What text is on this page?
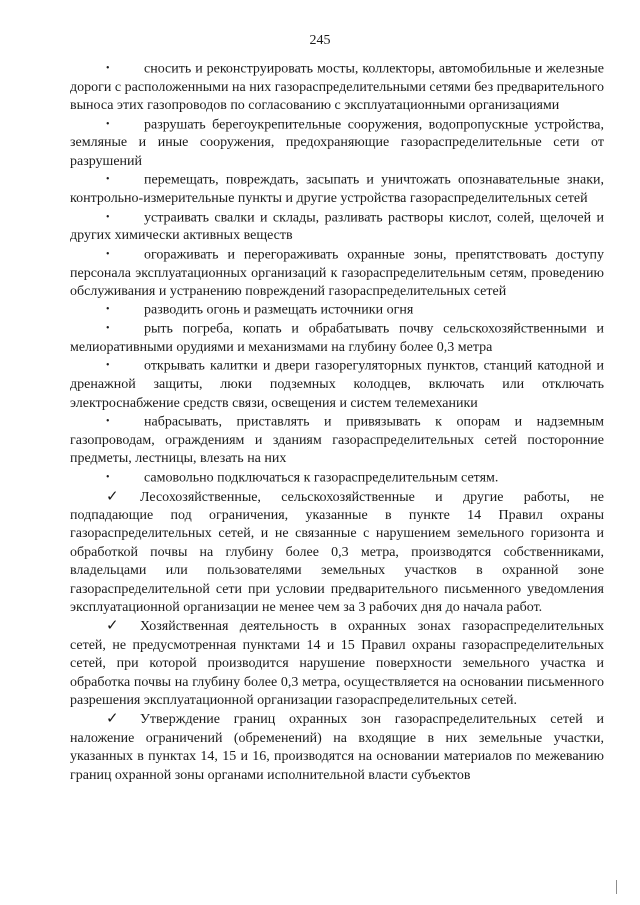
245

• сносить и реконструировать мосты, коллекторы, автомобильные и железные дороги с расположенными на них газораспределительными сетями без предварительного выноса этих газопроводов по согласованию с эксплуатационными организациями

• разрушать берегоукрепительные сооружения, водопропускные устройства, земляные и иные сооружения, предохраняющие газораспределительные сети от разрушений

• перемещать, повреждать, засыпать и уничтожать опознавательные знаки, контрольно-измерительные пункты и другие устройства газораспределительных сетей

• устраивать свалки и склады, разливать растворы кислот, солей, щелочей и других химически активных веществ

• огораживать и перегораживать охранные зоны, препятствовать доступу персонала эксплуатационных организаций к газораспределительным сетям, проведению обслуживания и устранению повреждений газораспределительных сетей

• разводить огонь и размещать источники огня

• рыть погреба, копать и обрабатывать почву сельскохозяйственными и мелиоративными орудиями и механизмами на глубину более 0,3 метра

• открывать калитки и двери газорегуляторных пунктов, станций катодной и дренажной защиты, люки подземных колодцев, включать или отключать электроснабжение средств связи, освещения и систем телемеханики

• набрасывать, приставлять и привязывать к опорам и надземным газопроводам, ограждениям и зданиям газораспределительных сетей посторонние предметы, лестницы, влезать на них

• самовольно подключаться к газораспределительным сетям.

✓ Лесохозяйственные, сельскохозяйственные и другие работы, не подпадающие под ограничения, указанные в пункте 14 Правил охраны газораспределительных сетей, и не связанные с нарушением земельного горизонта и обработкой почвы на глубину более 0,3 метра, производятся собственниками, владельцами или пользователями земельных участков в охранной зоне газораспределительной сети при условии предварительного письменного уведомления эксплуатационной организации не менее чем за 3 рабочих дня до начала работ.

✓ Хозяйственная деятельность в охранных зонах газораспределительных сетей, не предусмотренная пунктами 14 и 15 Правил охраны газораспределительных сетей, при которой производится нарушение поверхности земельного участка и обработка почвы на глубину более 0,3 метра, осуществляется на основании письменного разрешения эксплуатационной организации газораспределительных сетей.

✓ Утверждение границ охранных зон газораспределительных сетей и наложение ограничений (обременений) на входящие в них земельные участки, указанных в пунктах 14, 15 и 16, производятся на основании материалов по межеванию границ охранной зоны органами исполнительной власти субъектов
